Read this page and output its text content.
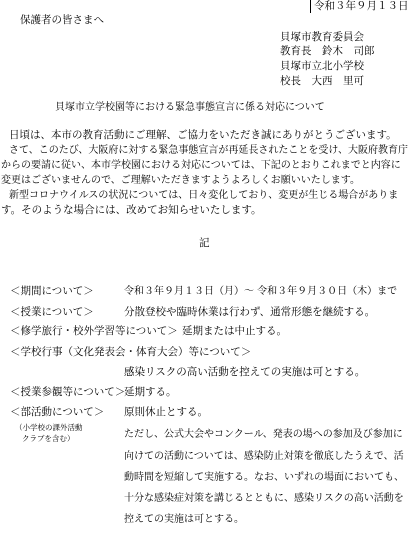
令和３年９月１３日
保護者の皆さまへ
貝塚市教育委員会
教育長　鈴木　司郎
貝塚市立北小学校
校長　大西　里可
貝塚市立学校園等における緊急事態宣言に係る対応について
日頃は、本市の教育活動にご理解、ご協力をいただき誠にありがとうございます。
さて、このたび、大阪府に対する緊急事態宣言が再延長されたことを受け、大阪府教育庁
からの要請に従い、本市学校園における対応については、下記のとおりこれまでと内容に
変更はございませんので、ご理解いただきますようよろしくお願いいたします。
新型コロナウイルスの状況については、日々変化しており、変更が生じる場合がありま
す。そのような場合には、改めてお知らせいたします。
記
＜期間について＞	令和３年９月１３日（月）～ 令和３年９月３０日（木）まで
＜授業について＞	分散登校や臨時休業は行わず、通常形態を継続する。
＜修学旅行・校外学習等について＞ 延期または中止する。
＜学校行事（文化発表会・体育大会）等について＞
感染リスクの高い活動を控えての実施は可とする。
＜授業参観等について＞
延期する。
＜部活動について＞ 原則休止とする。
（小学校の課外活動
クラブを含む）	ただし、公式大会やコンクール、発表の場への参加及び参加に
向けての活動については、感染防止対策を徹底したうえで、活
動時間を短縮して実施する。なお、いずれの場面においても、
十分な感染症対策を講じるとともに、感染リスクの高い活動を
控えての実施は可とする。
